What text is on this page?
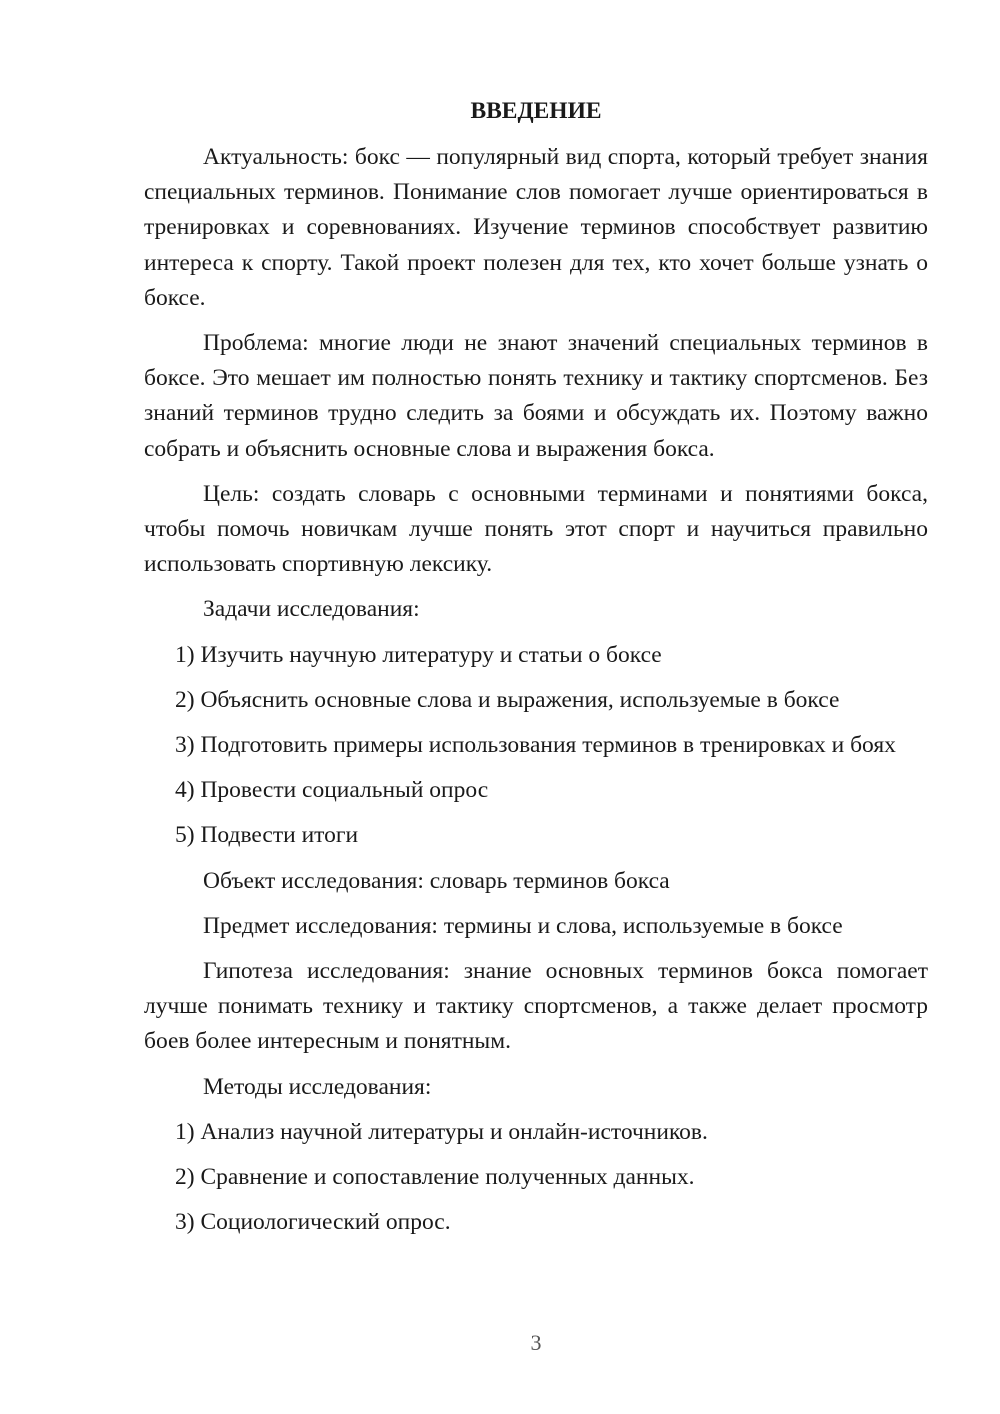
ВВЕДЕНИЕ

Актуальность: бокс — популярный вид спорта, который требует знания специальных терминов. Понимание слов помогает лучше ориентироваться в тренировках и соревнованиях. Изучение терминов способствует развитию интереса к спорту. Такой проект полезен для тех, кто хочет больше узнать о боксе.

Проблема: многие люди не знают значений специальных терминов в боксе. Это мешает им полностью понять технику и тактику спортсменов. Без знаний терминов трудно следить за боями и обсуждать их. Поэтому важно собрать и объяснить основные слова и выражения бокса.

Цель: создать словарь с основными терминами и понятиями бокса, чтобы помочь новичкам лучше понять этот спорт и научиться правильно использовать спортивную лексику.

Задачи исследования:

1) Изучить научную литературу и статьи о боксе

2) Объяснить основные слова и выражения, используемые в боксе

3) Подготовить примеры использования терминов в тренировках и боях

4) Провести социальный опрос

5) Подвести итоги

Объект исследования: словарь терминов бокса

Предмет исследования: термины и слова, используемые в боксе

Гипотеза исследования: знание основных терминов бокса помогает лучше понимать технику и тактику спортсменов, а также делает просмотр боев более интересным и понятным.

Методы исследования:

1) Анализ научной литературы и онлайн-источников.

2) Сравнение и сопоставление полученных данных.

3) Социологический опрос.

3
